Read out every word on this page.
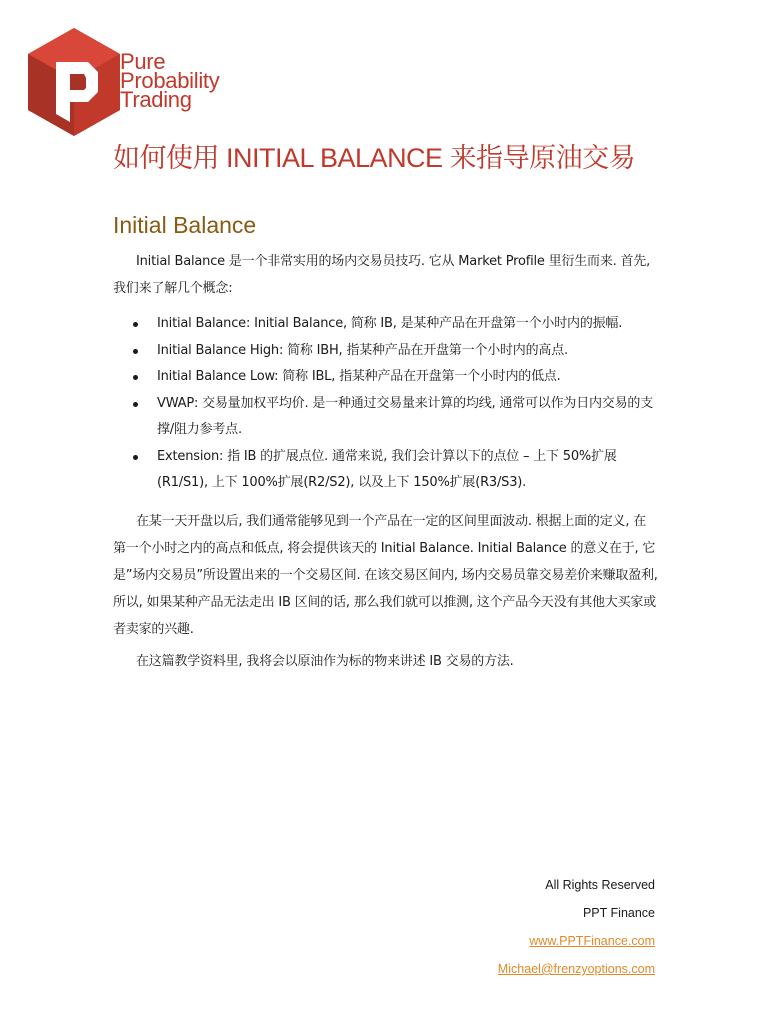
Pure
Probability
Trading
如何使用 INITIAL BALANCE 来指导原油交易
Initial Balance

Initial Balance 是一个非常实用的场内交易员技巧. 它从 Market Profile 里衍生而来. 首先, 我们来了解几个概念:

Initial Balance: Initial Balance, 简称 IB, 是某种产品在开盘第一个小时内的振幅.
Initial Balance High: 简称 IBH, 指某种产品在开盘第一个小时内的高点.
Initial Balance Low: 简称 IBL, 指某种产品在开盘第一个小时内的低点.
VWAP: 交易量加权平均价. 是一种通过交易量来计算的均线, 通常可以作为日内交易的支撑/阻力参考点.
Extension: 指 IB 的扩展点位. 通常来说, 我们会计算以下的点位 – 上下 50%扩展(R1/S1), 上下 100%扩展(R2/S2), 以及上下 150%扩展(R3/S3).

在某一天开盘以后, 我们通常能够见到一个产品在一定的区间里面波动. 根据上面的定义, 在第一个小时之内的高点和低点, 将会提供该天的 Initial Balance. Initial Balance 的意义在于, 它是”场内交易员”所设置出来的一个交易区间. 在该交易区间内, 场内交易员靠交易差价来赚取盈利, 所以, 如果某种产品无法走出 IB 区间的话, 那么我们就可以推测, 这个产品今天没有其他大买家或者卖家的兴趣.

在这篇教学资料里, 我将会以原油作为标的物来讲述 IB 交易的方法.

All Rights Reserved
PPT Finance
www.PPTFinance.com
Michael@frenzyoptions.com
